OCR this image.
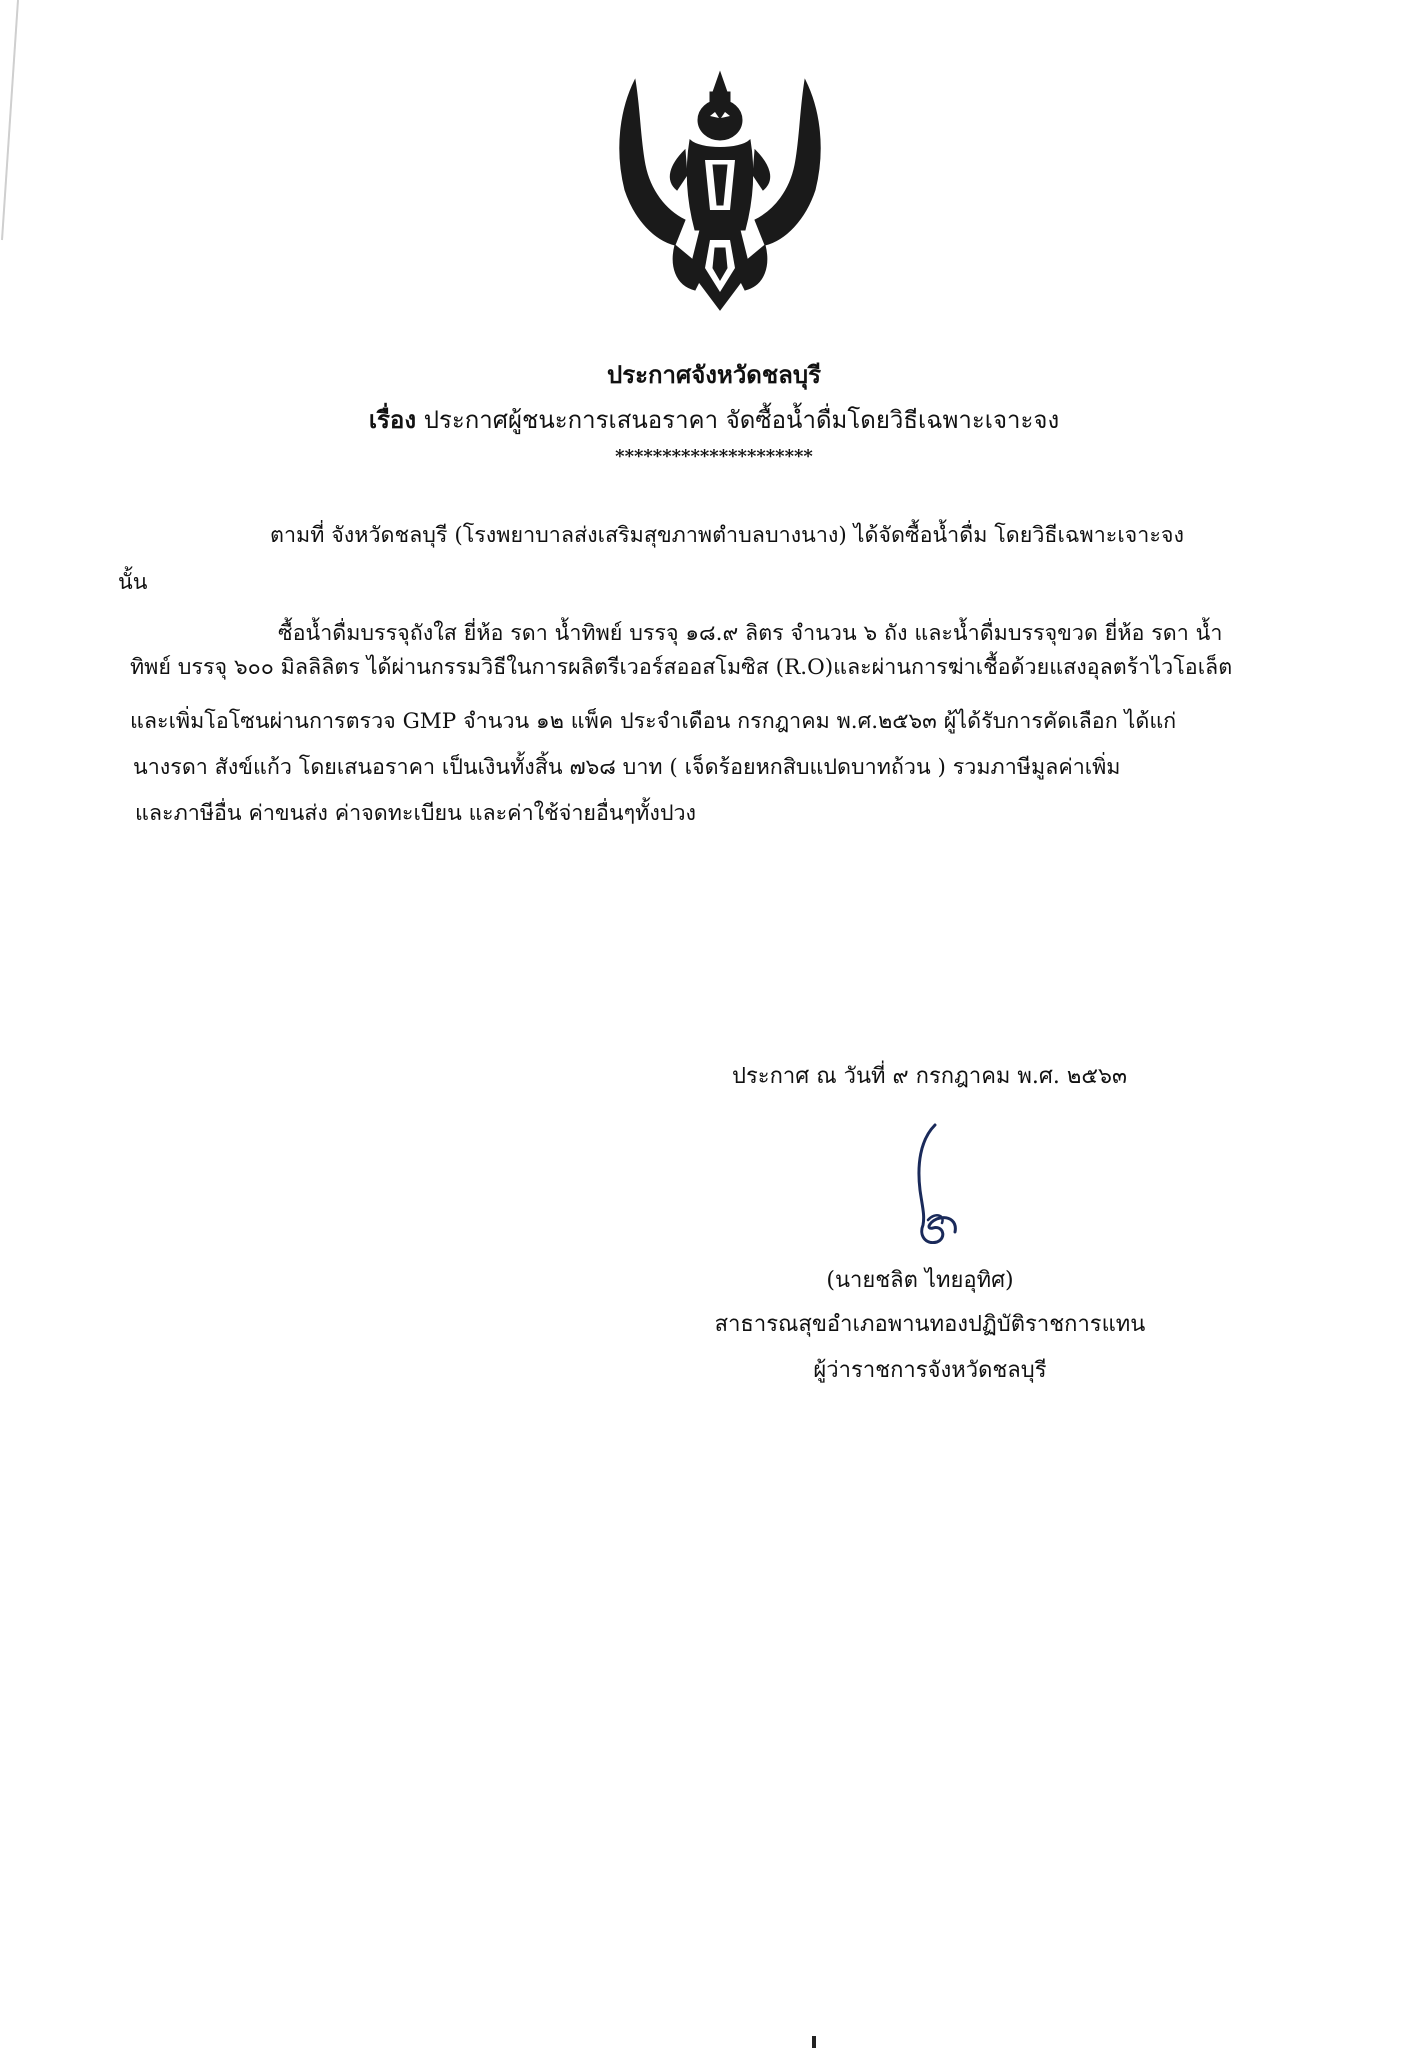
ประกาศจังหวัดชลบุรี
เรื่อง ประกาศผู้ชนะการเสนอราคา จัดซื้อน้ำดื่มโดยวิธีเฉพาะเจาะจง
*********************
ตามที่ จังหวัดชลบุรี (โรงพยาบาลส่งเสริมสุขภาพตำบลบางนาง) ได้จัดซื้อน้ำดื่ม โดยวิธีเฉพาะเจาะจง
นั้น
ซื้อน้ำดื่มบรรจุถังใส ยี่ห้อ รดา น้ำทิพย์ บรรจุ ๑๘.๙ ลิตร จำนวน ๖ ถัง และน้ำดื่มบรรจุขวด ยี่ห้อ รดา น้ำ
ทิพย์ บรรจุ ๖๐๐ มิลลิลิตร ได้ผ่านกรรมวิธีในการผลิตรีเวอร์สออสโมซิส (R.O)และผ่านการฆ่าเชื้อด้วยแสงอุลตร้าไวโอเล็ต
และเพิ่มโอโซนผ่านการตรวจ GMP จำนวน ๑๒ แพ็ค ประจำเดือน กรกฎาคม พ.ศ.๒๕๖๓ ผู้ได้รับการคัดเลือก ได้แก่
นางรดา สังข์แก้ว โดยเสนอราคา เป็นเงินทั้งสิ้น ๗๖๘ บาท ( เจ็ดร้อยหกสิบแปดบาทถ้วน ) รวมภาษีมูลค่าเพิ่ม
และภาษีอื่น ค่าขนส่ง ค่าจดทะเบียน และค่าใช้จ่ายอื่นๆทั้งปวง
ประกาศ ณ วันที่ ๙ กรกฎาคม พ.ศ. ๒๕๖๓
(นายชลิต ไทยอุทิศ)
สาธารณสุขอำเภอพานทองปฏิบัติราชการแทน
ผู้ว่าราชการจังหวัดชลบุรี
